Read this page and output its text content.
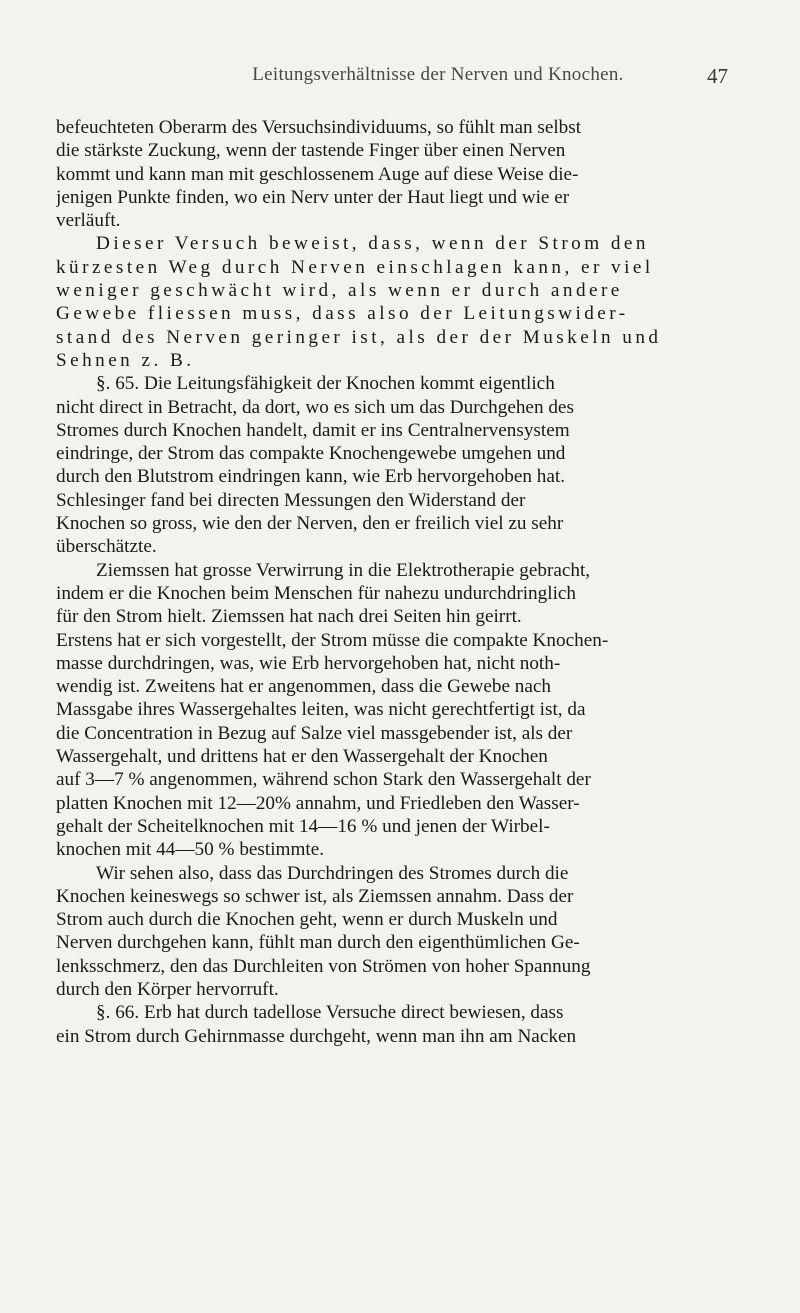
Leitungsverhältnisse der Nerven und Knochen.	47
befeuchteten Oberarm des Versuchsindividuums, so fühlt man selbst
die stärkste Zuckung, wenn der tastende Finger über einen Nerven
kommt und kann man mit geschlossenem Auge auf diese Weise die-
jenigen Punkte finden, wo ein Nerv unter der Haut liegt und wie er
verläuft.
Dieser Versuch beweist, dass, wenn der Strom den
kürzesten Weg durch Nerven einschlagen kann, er viel
weniger geschwächt wird, als wenn er durch andere
Gewebe fliessen muss, dass also der Leitungswider-
stand des Nerven geringer ist, als der der Muskeln und
Sehnen z. B.
§. 65. Die Leitungsfähigkeit der Knochen kommt eigentlich
nicht direct in Betracht, da dort, wo es sich um das Durchgehen des
Stromes durch Knochen handelt, damit er ins Centralnervensystem
eindringe, der Strom das compakte Knochengewebe umgehen und
durch den Blutstrom eindringen kann, wie Erb hervorgehoben hat.
Schlesinger fand bei directen Messungen den Widerstand der
Knochen so gross, wie den der Nerven, den er freilich viel zu sehr
überschätzte.
Ziemssen hat grosse Verwirrung in die Elektrotherapie gebracht,
indem er die Knochen beim Menschen für nahezu undurchdringlich
für den Strom hielt. Ziemssen hat nach drei Seiten hin geirrt.
Erstens hat er sich vorgestellt, der Strom müsse die compakte Knochen-
masse durchdringen, was, wie Erb hervorgehoben hat, nicht noth-
wendig ist. Zweitens hat er angenommen, dass die Gewebe nach
Massgabe ihres Wassergehaltes leiten, was nicht gerechtfertigt ist, da
die Concentration in Bezug auf Salze viel massgebender ist, als der
Wassergehalt, und drittens hat er den Wassergehalt der Knochen
auf 3—7 % angenommen, während schon Stark den Wassergehalt der
platten Knochen mit 12—20% annahm, und Friedleben den Wasser-
gehalt der Scheitelknochen mit 14—16 % und jenen der Wirbel-
knochen mit 44—50 % bestimmte.
Wir sehen also, dass das Durchdringen des Stromes durch die
Knochen keineswegs so schwer ist, als Ziemssen annahm. Dass der
Strom auch durch die Knochen geht, wenn er durch Muskeln und
Nerven durchgehen kann, fühlt man durch den eigenthümlichen Ge-
lenksschmerz, den das Durchleiten von Strömen von hoher Spannung
durch den Körper hervorruft.
§. 66. Erb hat durch tadellose Versuche direct bewiesen, dass
ein Strom durch Gehirnmasse durchgeht, wenn man ihn am Nacken
